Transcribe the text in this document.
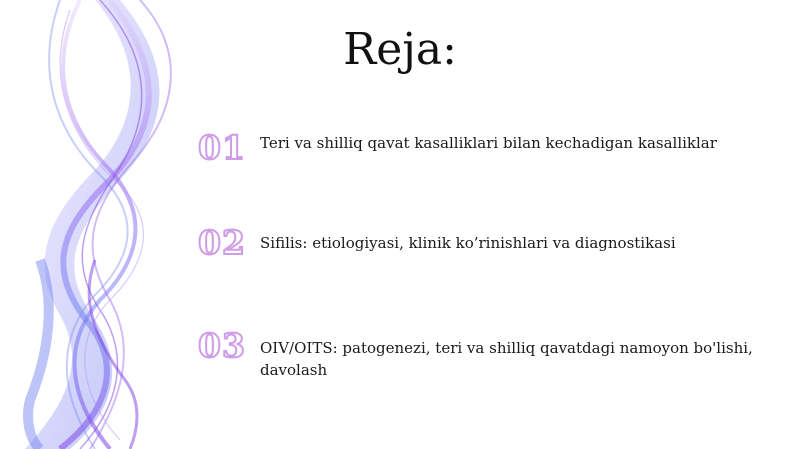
Reja:
01 Teri va shilliq qavat kasalliklari bilan kechadigan kasalliklar
02 Sifilis: etiologiyasi, klinik ko’rinishlari va diagnostikasi
03 OIV/OITS: patogenezi, teri va shilliq qavatdagi namoyon bo'lishi, davolash
